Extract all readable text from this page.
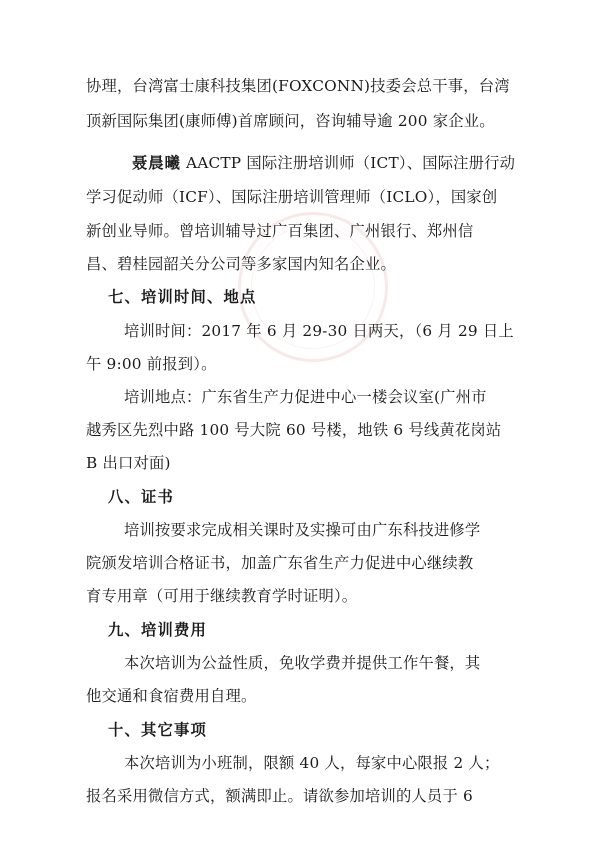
协理，台湾富士康科技集团(FOXCONN)技委会总干事，台湾
顶新国际集团(康师傅)首席顾问，咨询辅导逾 200 家企业。
聂晨曦 AACTP 国际注册培训师（ICT）、国际注册行动
学习促动师（ICF）、国际注册培训管理师（ICLO），国家创
新创业导师。曾培训辅导过广百集团、广州银行、郑州信
昌、碧桂园韶关分公司等多家国内知名企业。
七、培训时间、地点
培训时间：2017 年 6 月 29-30 日两天，（6 月 29 日上
午 9:00 前报到）。
培训地点：广东省生产力促进中心一楼会议室(广州市
越秀区先烈中路 100 号大院 60 号楼，地铁 6 号线黄花岗站
B 出口对面)
八、证书
培训按要求完成相关课时及实操可由广东科技进修学
院颁发培训合格证书，加盖广东省生产力促进中心继续教
育专用章（可用于继续教育学时证明）。
九、培训费用
本次培训为公益性质，免收学费并提供工作午餐，其
他交通和食宿费用自理。
十、其它事项
本次培训为小班制，限额 40 人，每家中心限报 2 人；
报名采用微信方式，额满即止。请欲参加培训的人员于 6
